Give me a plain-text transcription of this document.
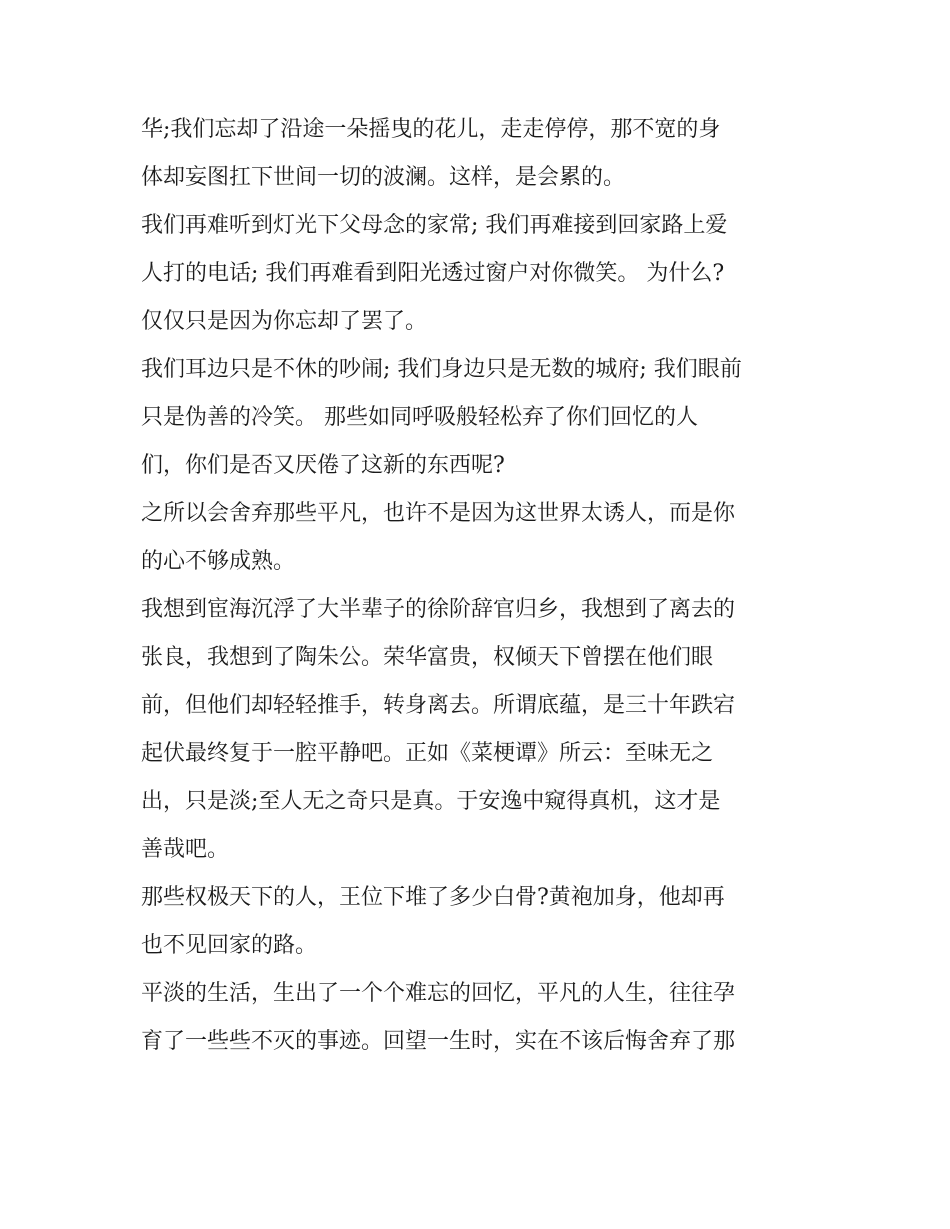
华;我们忘却了沿途一朵摇曳的花儿，走走停停，那不宽的身
体却妄图扛下世间一切的波澜。这样，是会累的。
我们再难听到灯光下父母念的家常; 我们再难接到回家路上爱
人打的电话; 我们再难看到阳光透过窗户对你微笑。 为什么?
仅仅只是因为你忘却了罢了。
我们耳边只是不休的吵闹; 我们身边只是无数的城府; 我们眼前
只是伪善的冷笑。 那些如同呼吸般轻松弃了你们回忆的人
们，你们是否又厌倦了这新的东西呢?
之所以会舍弃那些平凡，也许不是因为这世界太诱人，而是你
的心不够成熟。
我想到宦海沉浮了大半辈子的徐阶辞官归乡，我想到了离去的
张良，我想到了陶朱公。荣华富贵，权倾天下曾摆在他们眼
前，但他们却轻轻推手，转身离去。所谓底蕴，是三十年跌宕
起伏最终复于一腔平静吧。正如《菜梗谭》所云：至味无之
出，只是淡;至人无之奇只是真。于安逸中窥得真机，这才是
善哉吧。
那些权极天下的人，王位下堆了多少白骨?黄袍加身，他却再
也不见回家的路。
平淡的生活，生出了一个个难忘的回忆，平凡的人生，往往孕
育了一些些不灭的事迹。回望一生时，实在不该后悔舍弃了那
